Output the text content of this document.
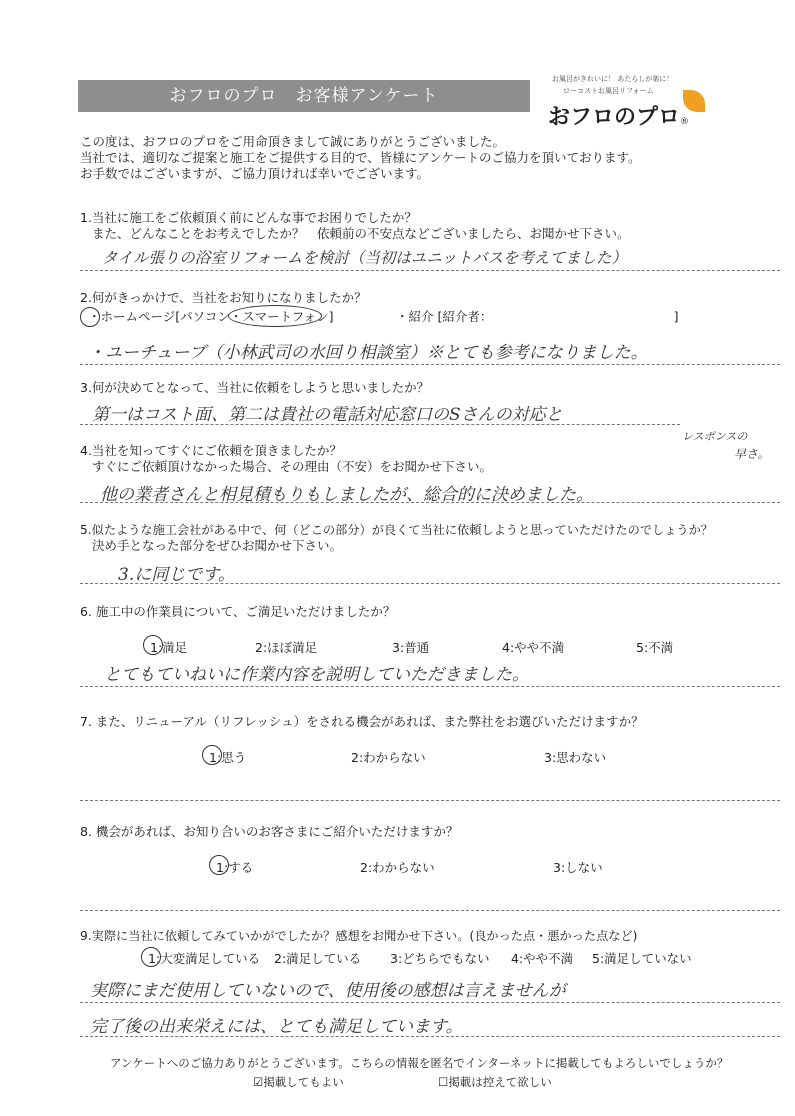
おフロのプロ　お客様アンケート
お風呂がきれいに！ あたらしが楽に！
ローコストお風呂リフォーム
おフロのプロ®
この度は、おフロのプロをご用命頂きまして誠にありがとうございました。
当社では、適切なご提案と施工をご提供する目的で、皆様にアンケートのご協力を頂いております。
お手数ではございますが、ご協力頂ければ幸いでございます。
1.当社に施工をご依頼頂く前にどんな事でお困りでしたか？
また、どんなことをお考えでしたか？　依頼前の不安点などございましたら、お聞かせ下さい。
タイル張りの浴室リフォームを検討（当初はユニットバスを考えてました）
2.何がきっかけで、当社をお知りになりましたか？
・ホームページ[パソコン・スマートフォン]　　　　　・紹介 [紹介者：　　　　　　　　　　　　　　　]
・ユーチューブ（小林武司の水回り相談室）※とても参考になりました。
3.何が決めてとなって、当社に依頼をしようと思いましたか？
第一はコスト面、第二は貴社の電話対応窓口のSさんの対応と
レスポンスの
早さ。
4.当社を知ってすぐにご依頼を頂きましたか？
すぐにご依頼頂けなかった場合、その理由（不安）をお聞かせ下さい。
他の業者さんと相見積もりもしましたが、総合的に決めました。
5.似たような施工会社がある中で、何（どこの部分）が良くて当社に依頼しようと思っていただけたのでしょうか？
決め手となった部分をぜひお聞かせ下さい。
3.に同じです。
6. 施工中の作業員について、ご満足いただけましたか？
1:満足	2:ほぼ満足	3:普通	4:やや不満	5:不満
とてもていねいに作業内容を説明していただきました。
7. また、リニューアル（リフレッシュ）をされる機会があれば、また弊社をお選びいただけますか？
1:思う	2:わからない	3:思わない
8. 機会があれば、お知り合いのお客さまにご紹介いただけますか？
1:する	2:わからない	3:しない
9.実際に当社に依頼してみていかがでしたか？感想をお聞かせ下さい。(良かった点・悪かった点など)
1:大変満足している 2:満足している 3:どちらでもない 4:やや不満 5:満足していない
実際にまだ使用していないので、使用後の感想は言えませんが
完了後の出来栄えには、とても満足しています。
アンケートへのご協力ありがとうございます。こちらの情報を匿名でインターネットに掲載してもよろしいでしょうか？
☑掲載してもよい	☐掲載は控えて欲しい
